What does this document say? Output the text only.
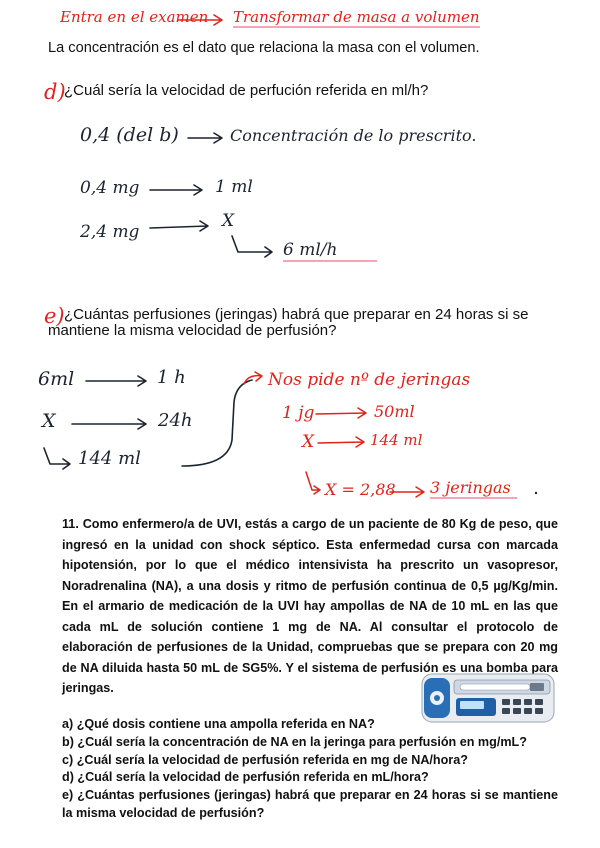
Entra en el examen Transformar de masa a volumen
La concentración es el dato que relaciona la masa con el volumen.
d)
¿Cuál sería la velocidad de perfución referida en ml/h?
0,4 (del b)	Concentración de lo prescrito.
0,4 mg	1 ml
2,4 mg
X
6 ml/h
e) ¿Cuántas perfusiones (jeringas) habrá que preparar en 24 horas si se
mantiene la misma velocidad de perfusión?
6ml	1 h
X	24h
144 ml
Nos pide nº de jeringas
1 jg	50ml
X	144 ml
X = 2,88 3 jeringas
11. Como enfermero/a de UVI, estás a cargo de un paciente de 80 Kg de peso, que ingresó en la unidad con shock séptico. Esta enfermedad cursa con marcada hipotensión, por lo que el médico intensivista ha prescrito un vasopresor, Noradrenalina (NA), a una dosis y ritmo de perfusión continua de 0,5 µg/Kg/min. En el armario de medicación de la UVI hay ampollas de NA de 10 mL en las que cada mL de solución contiene 1 mg de NA. Al consultar el protocolo de elaboración de perfusiones de la Unidad, compruebas que se prepara con 20 mg de NA diluida hasta 50 mL de SG5%. Y el sistema de perfusión es una bomba para jeringas.
a) ¿Qué dosis contiene una ampolla referida en NA?
b) ¿Cuál sería la concentración de NA en la jeringa para perfusión en mg/mL?
c) ¿Cuál sería la velocidad de perfusión referida en mg de NA/hora?
d) ¿Cuál sería la velocidad de perfusión referida en mL/hora?
e) ¿Cuántas perfusiones (jeringas) habrá que preparar en 24 horas si se mantiene la misma velocidad de perfusión?
